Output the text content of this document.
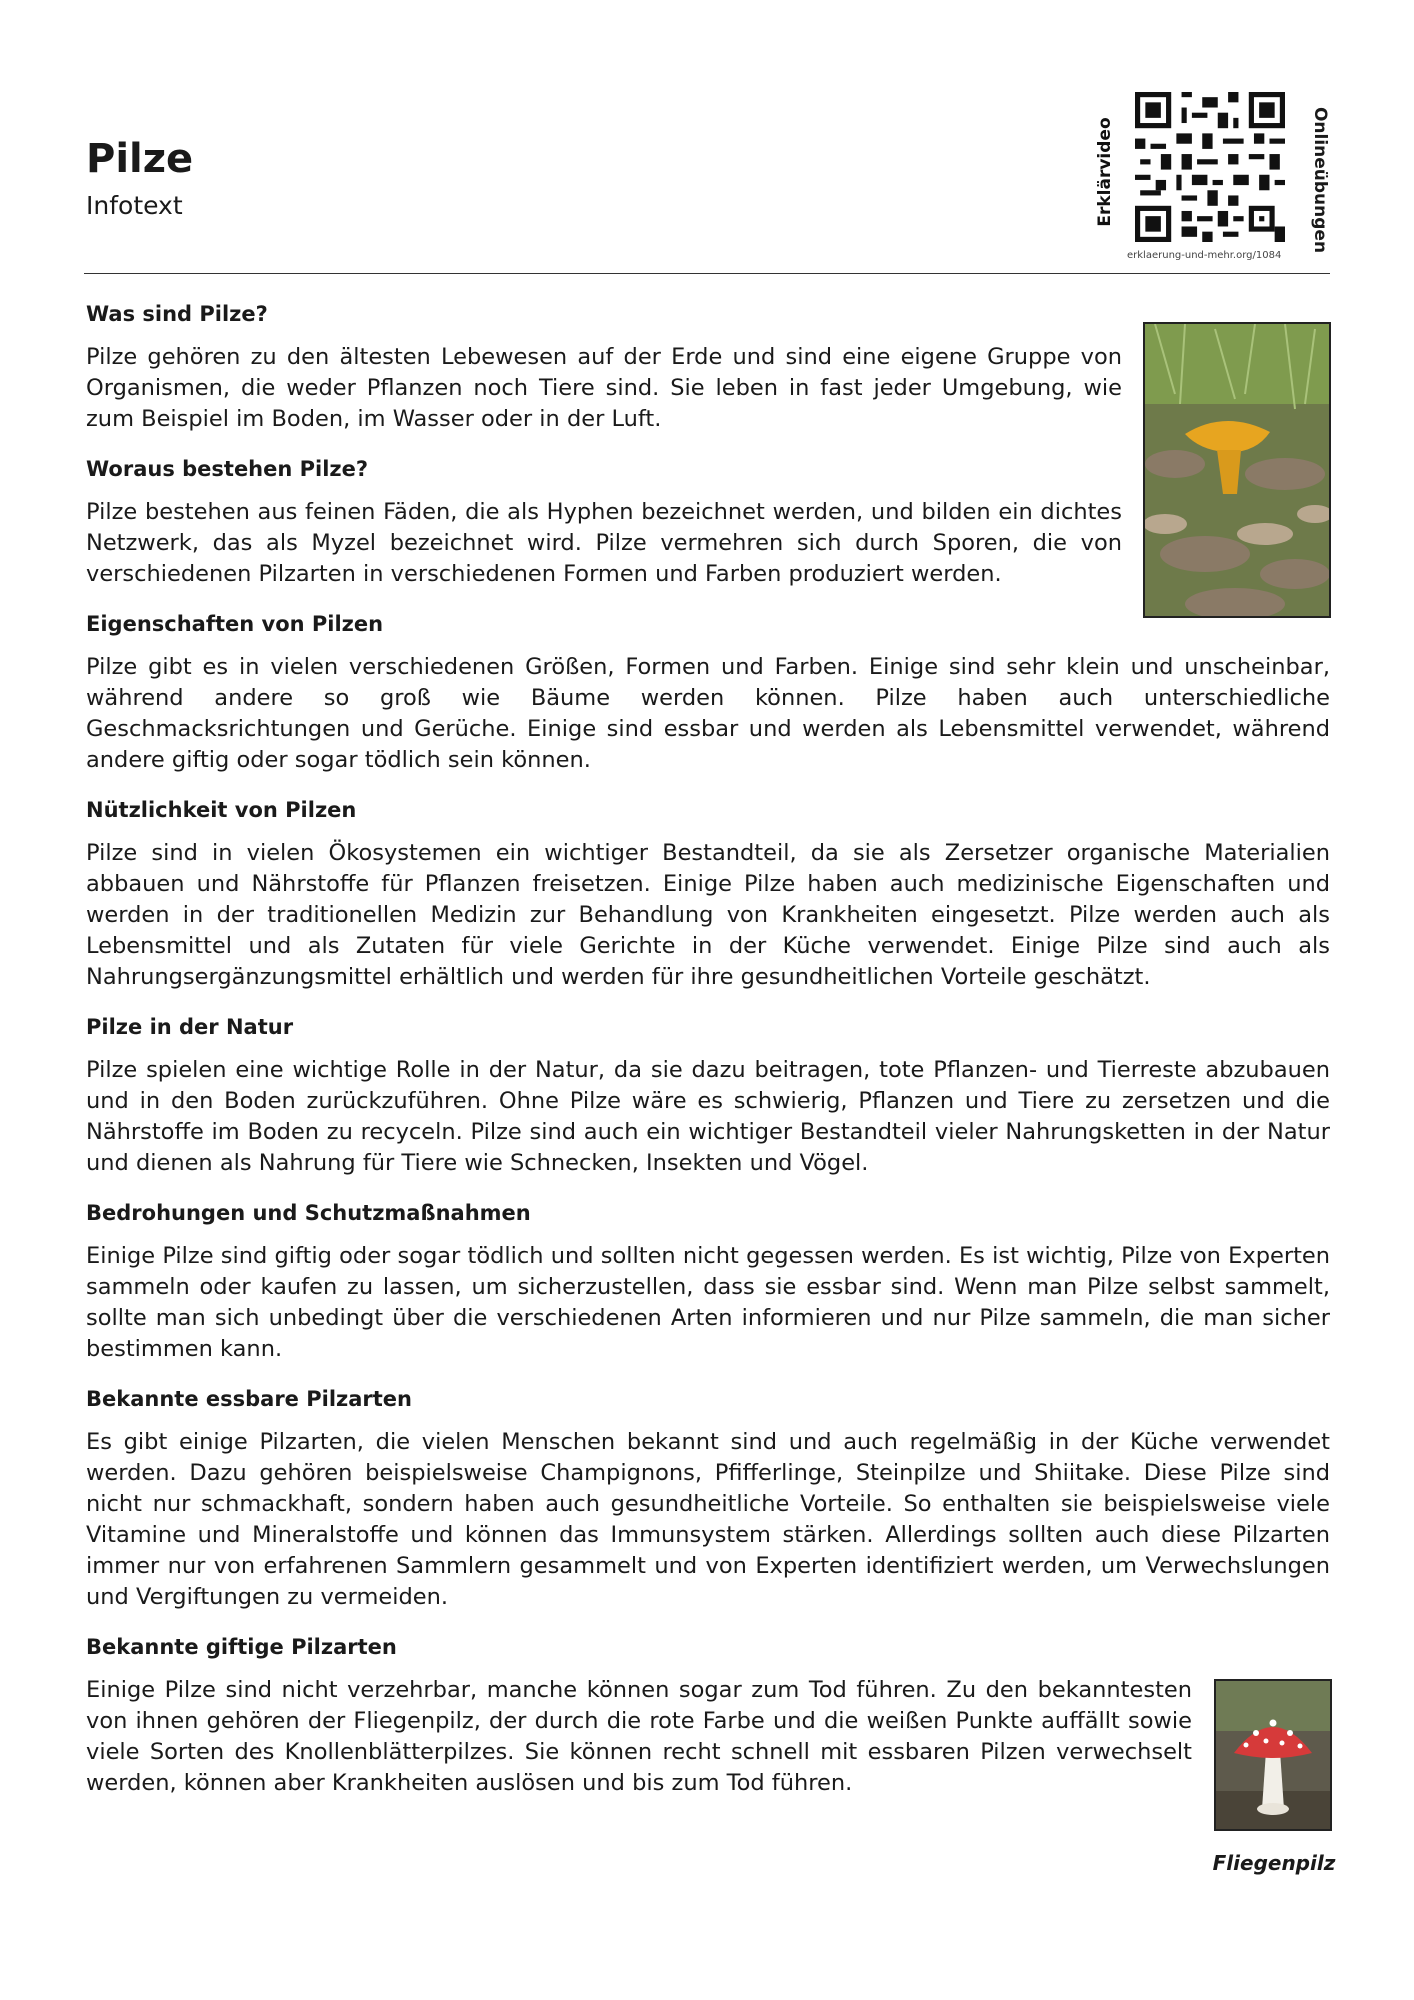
Pilze
Infotext	Erklärvideo
erklaerung-und-mehr.org/1084
Onlineübungen
Was sind Pilze?

Pilze gehören zu den ältesten Lebewesen auf der Erde und sind eine eigene Gruppe von Organismen, die weder Pflanzen noch Tiere sind. Sie leben in fast jeder Umgebung, wie zum Beispiel im Boden, im Wasser oder in der Luft.

Woraus bestehen Pilze?

Pilze bestehen aus feinen Fäden, die als Hyphen bezeichnet werden, und bilden ein dichtes Netzwerk, das als Myzel bezeichnet wird. Pilze vermehren sich durch Sporen, die von verschiedenen Pilzarten in verschiedenen Formen und Farben produziert werden.

Eigenschaften von Pilzen

Pilze gibt es in vielen verschiedenen Größen, Formen und Farben. Einige sind sehr klein und unscheinbar, während andere so groß wie Bäume werden können. Pilze haben auch unterschiedliche Geschmacksrichtungen und Gerüche. Einige sind essbar und werden als Lebensmittel verwendet, während andere giftig oder sogar tödlich sein können.

Nützlichkeit von Pilzen

Pilze sind in vielen Ökosystemen ein wichtiger Bestandteil, da sie als Zersetzer organische Materialien abbauen und Nährstoffe für Pflanzen freisetzen. Einige Pilze haben auch medizinische Eigenschaften und werden in der traditionellen Medizin zur Behandlung von Krankheiten eingesetzt. Pilze werden auch als Lebensmittel und als Zutaten für viele Gerichte in der Küche verwendet. Einige Pilze sind auch als Nahrungsergänzungsmittel erhältlich und werden für ihre gesundheitlichen Vorteile geschätzt.

Pilze in der Natur

Pilze spielen eine wichtige Rolle in der Natur, da sie dazu beitragen, tote Pflanzen- und Tierreste abzubauen und in den Boden zurückzuführen. Ohne Pilze wäre es schwierig, Pflanzen und Tiere zu zersetzen und die Nährstoffe im Boden zu recyceln. Pilze sind auch ein wichtiger Bestandteil vieler Nahrungsketten in der Natur und dienen als Nahrung für Tiere wie Schnecken, Insekten und Vögel.

Bedrohungen und Schutzmaßnahmen

Einige Pilze sind giftig oder sogar tödlich und sollten nicht gegessen werden. Es ist wichtig, Pilze von Experten sammeln oder kaufen zu lassen, um sicherzustellen, dass sie essbar sind. Wenn man Pilze selbst sammelt, sollte man sich unbedingt über die verschiedenen Arten informieren und nur Pilze sammeln, die man sicher bestimmen kann.

Bekannte essbare Pilzarten

Es gibt einige Pilzarten, die vielen Menschen bekannt sind und auch regelmäßig in der Küche verwendet werden. Dazu gehören beispielsweise Champignons, Pfifferlinge, Steinpilze und Shiitake. Diese Pilze sind nicht nur schmackhaft, sondern haben auch gesundheitliche Vorteile. So enthalten sie beispielsweise viele Vitamine und Mineralstoffe und können das Immunsystem stärken. Allerdings sollten auch diese Pilzarten immer nur von erfahrenen Sammlern gesammelt und von Experten identifiziert werden, um Verwechslungen und Vergiftungen zu vermeiden.

Bekannte giftige Pilzarten

Einige Pilze sind nicht verzehrbar, manche können sogar zum Tod führen. Zu den bekanntesten von ihnen gehören der Fliegenpilz, der durch die rote Farbe und die weißen Punkte auffällt sowie viele Sorten des Knollenblätterpilzes. Sie können recht schnell mit essbaren Pilzen verwechselt werden, können aber Krankheiten auslösen und bis zum Tod führen.

Fliegenpilz
